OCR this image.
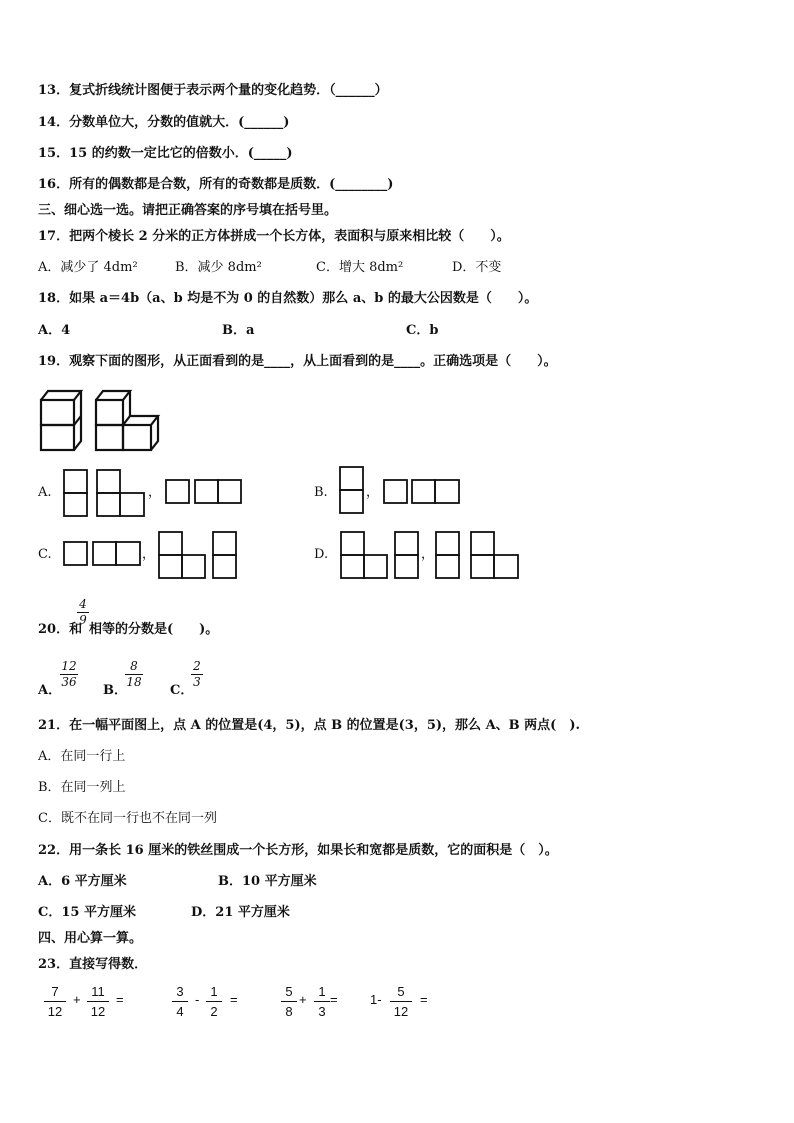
13．复式折线统计图便于表示两个量的变化趋势．（______）
14．分数单位大，分数的值就大．(______)
15．15 的约数一定比它的倍数小．(_____)
16．所有的偶数都是合数，所有的奇数都是质数．(________)
三、细心选一选。请把正确答案的序号填在括号里。
17．把两个棱长 2 分米的正方体拼成一个长方体，表面积与原来相比较（　　）。
A．减少了 4dm²	B．减少 8dm²	C．增大 8dm²	D．不变
18．如果 a＝4b（a、b 均是不为 0 的自然数）那么 a、b 的最大公因数是（　　）。
A．4	B．a	C．b
19．观察下面的图形，从正面看到的是____，从上面看到的是____。正确选项是（　　）。
A.	，	B.	，
C.	，	D.	，
20．和
4
9
相等的分数是(　　)。
A．
12
36
B．
8
18
C．
2
3
21．在一幅平面图上，点 A 的位置是(4，5)，点 B 的位置是(3，5)，那么 A、B 两点(　).
A．在同一行上
B．在同一列上
C．既不在同一行也不在同一列
22．用一条长 16 厘米的铁丝围成一个长方形，如果长和宽都是质数，它的面积是（　）。
A．6 平方厘米	B．10 平方厘米
C．15 平方厘米	D．21 平方厘米
四、用心算一算。
23．直接写得数．
7
12
+
11
12
=
3
4
-
1
2
=
5
8
+
1
3
= 1-
5
12
=
